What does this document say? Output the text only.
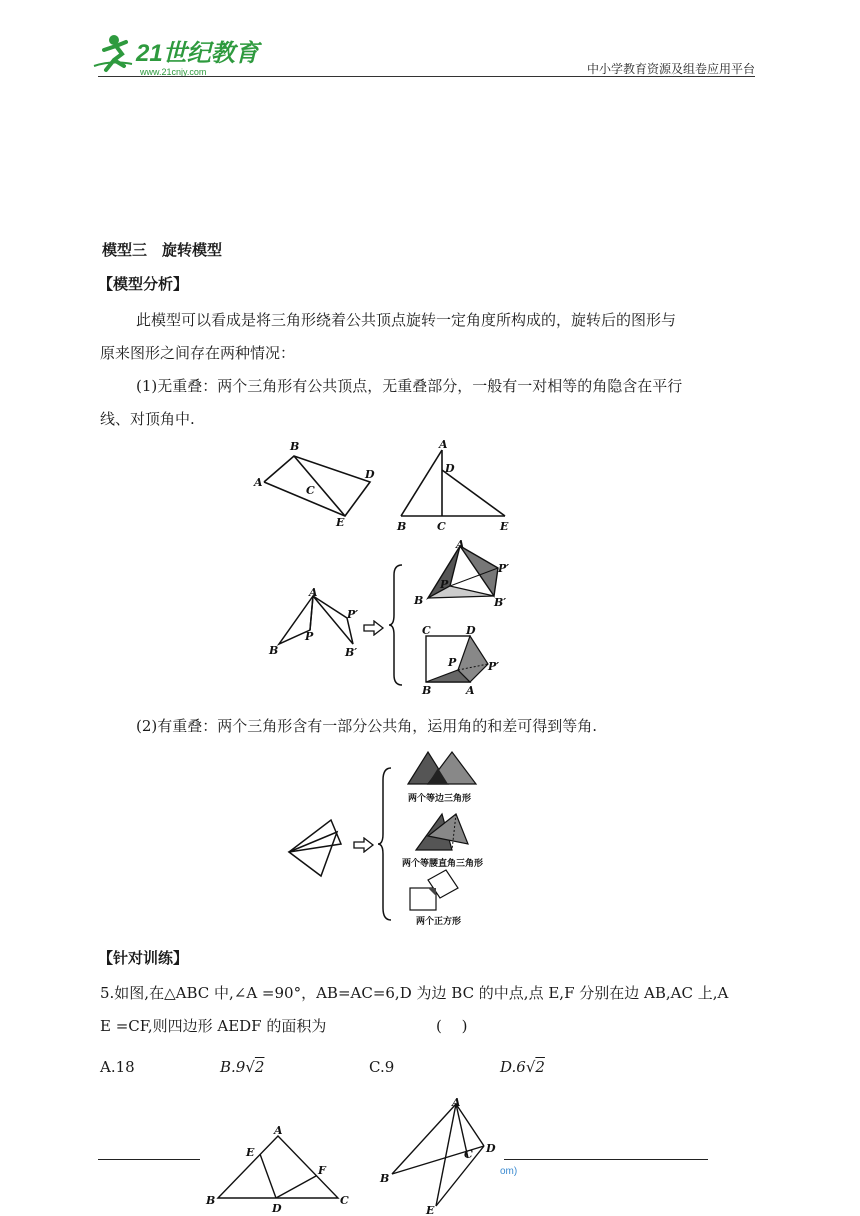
21世纪教育
www.21cnjy.com	中小学教育资源及组卷应用平台
模型三　旋转模型
【模型分析】
此模型可以看成是将三角形绕着公共顶点旋转一定角度所构成的，旋转后的图形与
原来图形之间存在两种情况：
(1)无重叠：两个三角形有公共顶点，无重叠部分，一般有一对相等的角隐含在平行
线、对顶角中.
B
A
C
D
E
A
D
B	C	E
A
B
P
P′
B′
A
P
P′
B	B′
C	D
P	P′
B	A
(2)有重叠：两个三角形含有一部分公共角，运用角的和差可得到等角.
两个等边三角形
两个等腰直角三角形
两个正方形
【针对训练】
5.如图,在△ABC 中,∠A =90°，AB=AC=6,D 为边 BC 的中点,点 E,F 分别在边 AB,AC 上,A
E =CF,则四边形 AEDF 的面积为	(　 )
A.18	B.9√2	C.9	D.6√2
A
E
F
B	C
D
A
D
C
B
E
om)
